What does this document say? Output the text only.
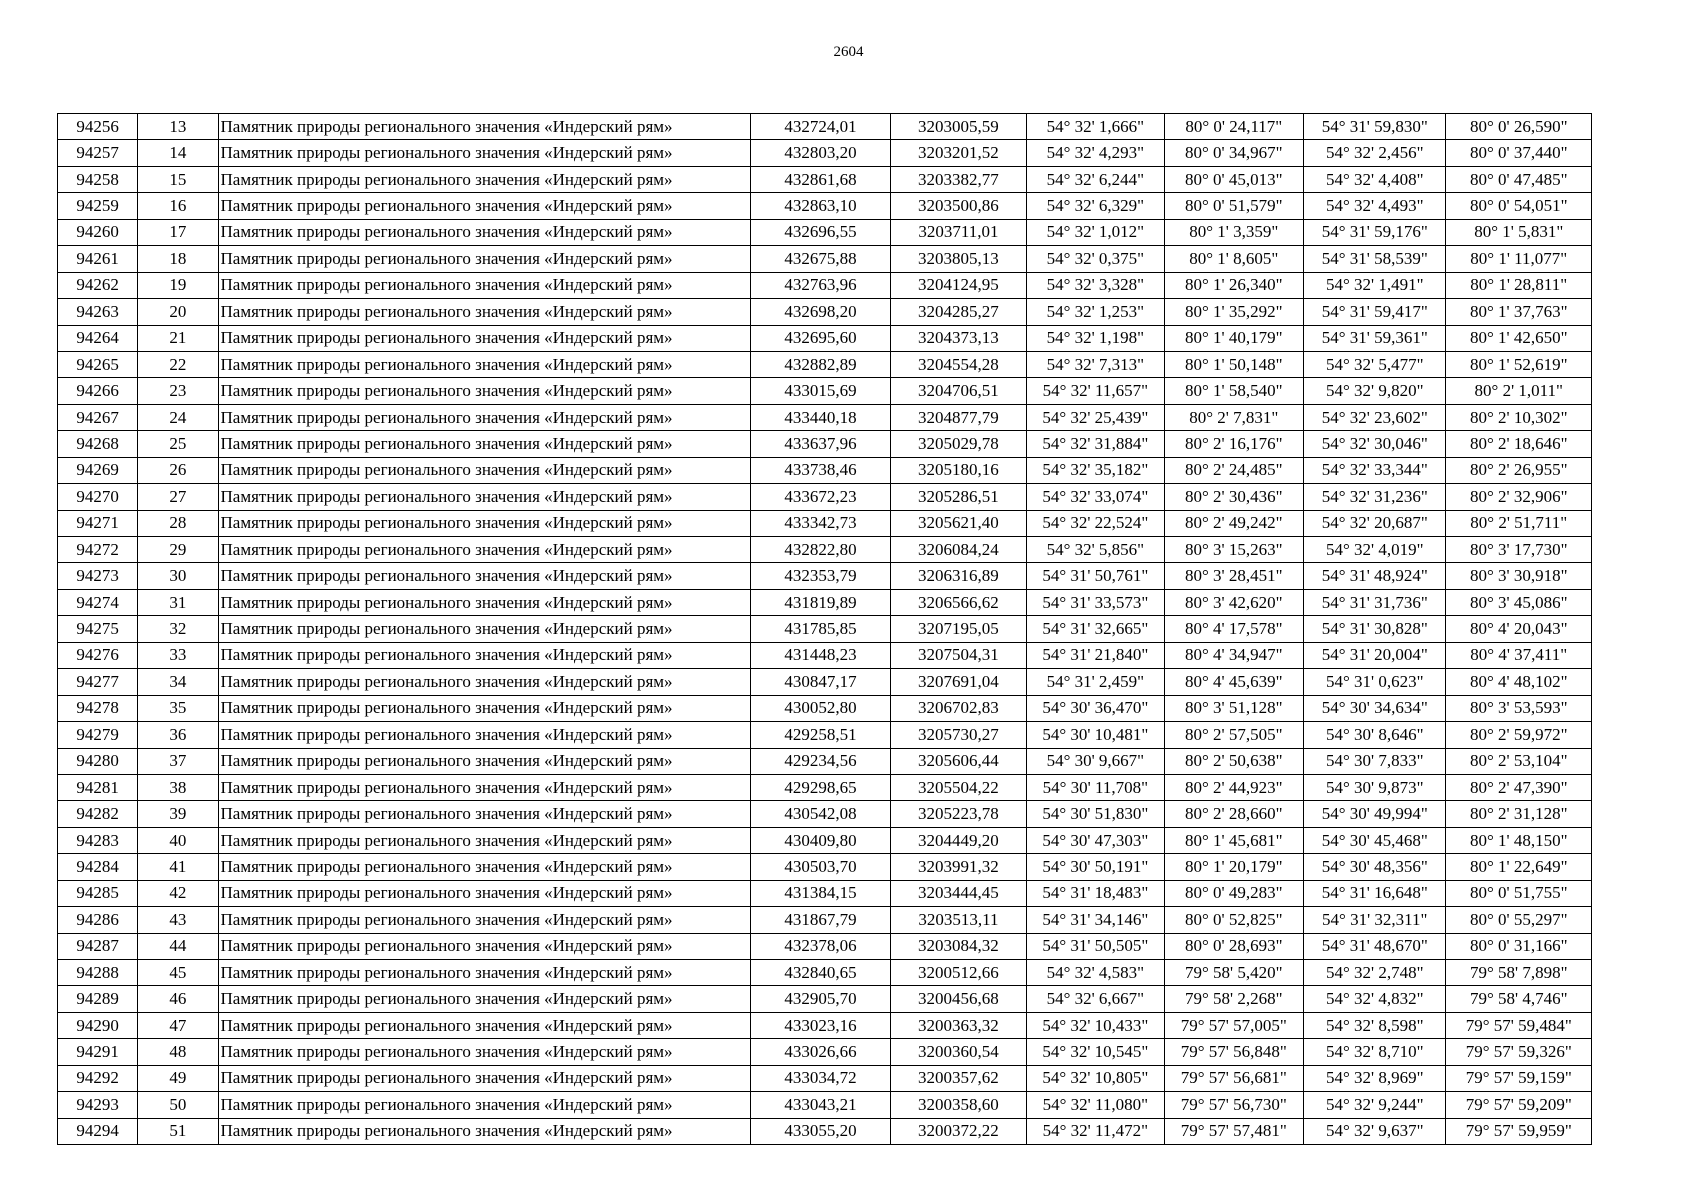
2604
94256	13	Памятник природы регионального значения «Индерский рям»	432724,01	3203005,59	54° 32' 1,666"	80° 0' 24,117"	54° 31' 59,830"	80° 0' 26,590"
94257	14	Памятник природы регионального значения «Индерский рям»	432803,20	3203201,52	54° 32' 4,293"	80° 0' 34,967"	54° 32' 2,456"	80° 0' 37,440"
94258	15	Памятник природы регионального значения «Индерский рям»	432861,68	3203382,77	54° 32' 6,244"	80° 0' 45,013"	54° 32' 4,408"	80° 0' 47,485"
94259	16	Памятник природы регионального значения «Индерский рям»	432863,10	3203500,86	54° 32' 6,329"	80° 0' 51,579"	54° 32' 4,493"	80° 0' 54,051"
94260	17	Памятник природы регионального значения «Индерский рям»	432696,55	3203711,01	54° 32' 1,012"	80° 1' 3,359"	54° 31' 59,176"	80° 1' 5,831"
94261	18	Памятник природы регионального значения «Индерский рям»	432675,88	3203805,13	54° 32' 0,375"	80° 1' 8,605"	54° 31' 58,539"	80° 1' 11,077"
94262	19	Памятник природы регионального значения «Индерский рям»	432763,96	3204124,95	54° 32' 3,328"	80° 1' 26,340"	54° 32' 1,491"	80° 1' 28,811"
94263	20	Памятник природы регионального значения «Индерский рям»	432698,20	3204285,27	54° 32' 1,253"	80° 1' 35,292"	54° 31' 59,417"	80° 1' 37,763"
94264	21	Памятник природы регионального значения «Индерский рям»	432695,60	3204373,13	54° 32' 1,198"	80° 1' 40,179"	54° 31' 59,361"	80° 1' 42,650"
94265	22	Памятник природы регионального значения «Индерский рям»	432882,89	3204554,28	54° 32' 7,313"	80° 1' 50,148"	54° 32' 5,477"	80° 1' 52,619"
94266	23	Памятник природы регионального значения «Индерский рям»	433015,69	3204706,51	54° 32' 11,657"	80° 1' 58,540"	54° 32' 9,820"	80° 2' 1,011"
94267	24	Памятник природы регионального значения «Индерский рям»	433440,18	3204877,79	54° 32' 25,439"	80° 2' 7,831"	54° 32' 23,602"	80° 2' 10,302"
94268	25	Памятник природы регионального значения «Индерский рям»	433637,96	3205029,78	54° 32' 31,884"	80° 2' 16,176"	54° 32' 30,046"	80° 2' 18,646"
94269	26	Памятник природы регионального значения «Индерский рям»	433738,46	3205180,16	54° 32' 35,182"	80° 2' 24,485"	54° 32' 33,344"	80° 2' 26,955"
94270	27	Памятник природы регионального значения «Индерский рям»	433672,23	3205286,51	54° 32' 33,074"	80° 2' 30,436"	54° 32' 31,236"	80° 2' 32,906"
94271	28	Памятник природы регионального значения «Индерский рям»	433342,73	3205621,40	54° 32' 22,524"	80° 2' 49,242"	54° 32' 20,687"	80° 2' 51,711"
94272	29	Памятник природы регионального значения «Индерский рям»	432822,80	3206084,24	54° 32' 5,856"	80° 3' 15,263"	54° 32' 4,019"	80° 3' 17,730"
94273	30	Памятник природы регионального значения «Индерский рям»	432353,79	3206316,89	54° 31' 50,761"	80° 3' 28,451"	54° 31' 48,924"	80° 3' 30,918"
94274	31	Памятник природы регионального значения «Индерский рям»	431819,89	3206566,62	54° 31' 33,573"	80° 3' 42,620"	54° 31' 31,736"	80° 3' 45,086"
94275	32	Памятник природы регионального значения «Индерский рям»	431785,85	3207195,05	54° 31' 32,665"	80° 4' 17,578"	54° 31' 30,828"	80° 4' 20,043"
94276	33	Памятник природы регионального значения «Индерский рям»	431448,23	3207504,31	54° 31' 21,840"	80° 4' 34,947"	54° 31' 20,004"	80° 4' 37,411"
94277	34	Памятник природы регионального значения «Индерский рям»	430847,17	3207691,04	54° 31' 2,459"	80° 4' 45,639"	54° 31' 0,623"	80° 4' 48,102"
94278	35	Памятник природы регионального значения «Индерский рям»	430052,80	3206702,83	54° 30' 36,470"	80° 3' 51,128"	54° 30' 34,634"	80° 3' 53,593"
94279	36	Памятник природы регионального значения «Индерский рям»	429258,51	3205730,27	54° 30' 10,481"	80° 2' 57,505"	54° 30' 8,646"	80° 2' 59,972"
94280	37	Памятник природы регионального значения «Индерский рям»	429234,56	3205606,44	54° 30' 9,667"	80° 2' 50,638"	54° 30' 7,833"	80° 2' 53,104"
94281	38	Памятник природы регионального значения «Индерский рям»	429298,65	3205504,22	54° 30' 11,708"	80° 2' 44,923"	54° 30' 9,873"	80° 2' 47,390"
94282	39	Памятник природы регионального значения «Индерский рям»	430542,08	3205223,78	54° 30' 51,830"	80° 2' 28,660"	54° 30' 49,994"	80° 2' 31,128"
94283	40	Памятник природы регионального значения «Индерский рям»	430409,80	3204449,20	54° 30' 47,303"	80° 1' 45,681"	54° 30' 45,468"	80° 1' 48,150"
94284	41	Памятник природы регионального значения «Индерский рям»	430503,70	3203991,32	54° 30' 50,191"	80° 1' 20,179"	54° 30' 48,356"	80° 1' 22,649"
94285	42	Памятник природы регионального значения «Индерский рям»	431384,15	3203444,45	54° 31' 18,483"	80° 0' 49,283"	54° 31' 16,648"	80° 0' 51,755"
94286	43	Памятник природы регионального значения «Индерский рям»	431867,79	3203513,11	54° 31' 34,146"	80° 0' 52,825"	54° 31' 32,311"	80° 0' 55,297"
94287	44	Памятник природы регионального значения «Индерский рям»	432378,06	3203084,32	54° 31' 50,505"	80° 0' 28,693"	54° 31' 48,670"	80° 0' 31,166"
94288	45	Памятник природы регионального значения «Индерский рям»	432840,65	3200512,66	54° 32' 4,583"	79° 58' 5,420"	54° 32' 2,748"	79° 58' 7,898"
94289	46	Памятник природы регионального значения «Индерский рям»	432905,70	3200456,68	54° 32' 6,667"	79° 58' 2,268"	54° 32' 4,832"	79° 58' 4,746"
94290	47	Памятник природы регионального значения «Индерский рям»	433023,16	3200363,32	54° 32' 10,433"	79° 57' 57,005"	54° 32' 8,598"	79° 57' 59,484"
94291	48	Памятник природы регионального значения «Индерский рям»	433026,66	3200360,54	54° 32' 10,545"	79° 57' 56,848"	54° 32' 8,710"	79° 57' 59,326"
94292	49	Памятник природы регионального значения «Индерский рям»	433034,72	3200357,62	54° 32' 10,805"	79° 57' 56,681"	54° 32' 8,969"	79° 57' 59,159"
94293	50	Памятник природы регионального значения «Индерский рям»	433043,21	3200358,60	54° 32' 11,080"	79° 57' 56,730"	54° 32' 9,244"	79° 57' 59,209"
94294	51	Памятник природы регионального значения «Индерский рям»	433055,20	3200372,22	54° 32' 11,472"	79° 57' 57,481"	54° 32' 9,637"	79° 57' 59,959"
